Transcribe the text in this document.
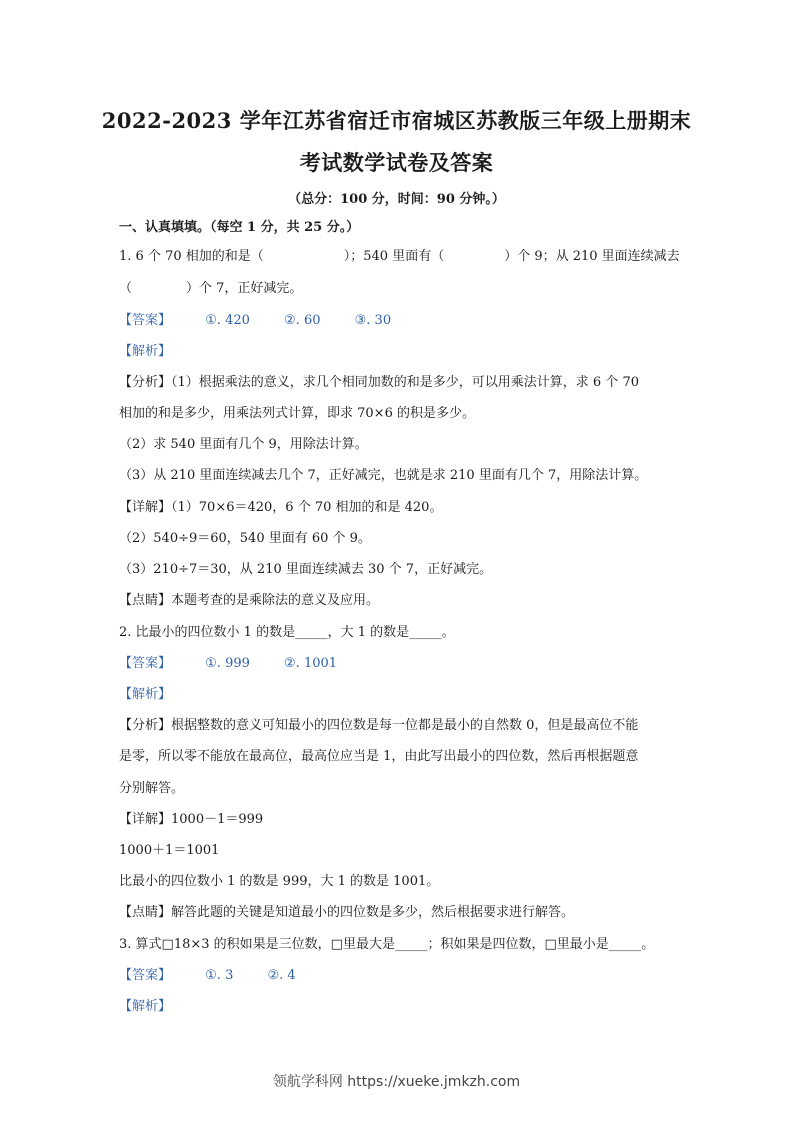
2022-2023 学年江苏省宿迁市宿城区苏教版三年级上册期末
考试数学试卷及答案
（总分：100 分，时间：90 分钟。）
一、认真填填。（每空 1 分，共 25 分。）
1. 6 个 70 相加的和是（	）；540 里面有（	）个 9；从 210 里面连续减去
（	）个 7，正好减完。
【答案】	①. 420	②. 60	③. 30
【解析】
【分析】（1）根据乘法的意义，求几个相同加数的和是多少，可以用乘法计算，求 6 个 70
相加的和是多少，用乘法列式计算，即求 70×6 的积是多少。
（2）求 540 里面有几个 9，用除法计算。
（3）从 210 里面连续减去几个 7，正好减完，也就是求 210 里面有几个 7，用除法计算。
【详解】（1）70×6＝420，6 个 70 相加的和是 420。
（2）540÷9＝60，540 里面有 60 个 9。
（3）210÷7＝30，从 210 里面连续减去 30 个 7，正好减完。
【点睛】本题考查的是乘除法的意义及应用。
2. 比最小的四位数小 1 的数是_____，大 1 的数是_____。
【答案】	①. 999	②. 1001
【解析】
【分析】根据整数的意义可知最小的四位数是每一位都是最小的自然数 0，但是最高位不能
是零，所以零不能放在最高位，最高位应当是 1，由此写出最小的四位数，然后再根据题意
分别解答。
【详解】1000－1＝999
1000＋1＝1001
比最小的四位数小 1 的数是 999，大 1 的数是 1001。
【点睛】解答此题的关键是知道最小的四位数是多少，然后根据要求进行解答。
3. 算式□18×3 的积如果是三位数，□里最大是_____；积如果是四位数，□里最小是_____。
【答案】	①. 3	②. 4
【解析】
领航学科网 https://xueke.jmkzh.com
